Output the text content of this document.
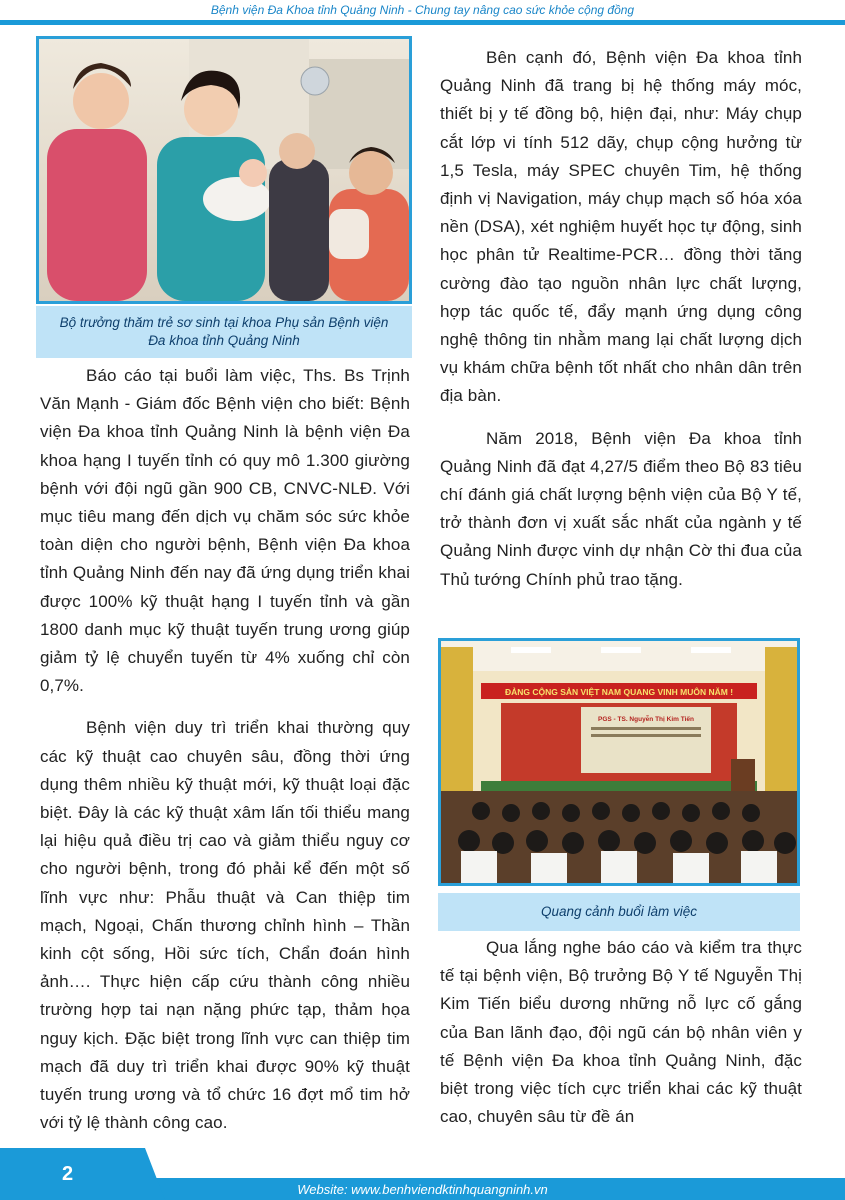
Bệnh viện Đa Khoa tỉnh Quảng Ninh - Chung tay nâng cao sức khỏe cộng đồng
Bộ trưởng thăm trẻ sơ sinh tại khoa Phụ sản Bệnh viện Đa khoa tỉnh Quảng Ninh

Báo cáo tại buổi làm việc, Ths. Bs Trịnh Văn Mạnh - Giám đốc Bệnh viện cho biết: Bệnh viện Đa khoa tỉnh Quảng Ninh là bệnh viện Đa khoa hạng I tuyến tỉnh có quy mô 1.300 giường bệnh với đội ngũ gần 900 CB, CNVC-NLĐ. Với mục tiêu mang đến dịch vụ chăm sóc sức khỏe toàn diện cho người bệnh, Bệnh viện Đa khoa tỉnh Quảng Ninh đến nay đã ứng dụng triển khai được 100% kỹ thuật hạng I tuyến tỉnh và gần 1800 danh mục kỹ thuật tuyến trung ương giúp giảm tỷ lệ chuyển tuyến từ 4% xuống chỉ còn 0,7%.

Bệnh viện duy trì triển khai thường quy các kỹ thuật cao chuyên sâu, đồng thời ứng dụng thêm nhiều kỹ thuật mới, kỹ thuật loại đặc biệt. Đây là các kỹ thuật xâm lấn tối thiểu mang lại hiệu quả điều trị cao và giảm thiểu nguy cơ cho người bệnh, trong đó phải kể đến một số lĩnh vực như: Phẫu thuật và Can thiệp tim mạch, Ngoại, Chấn thương chỉnh hình – Thần kinh cột sống, Hồi sức tích, Chẩn đoán hình ảnh…. Thực hiện cấp cứu thành công nhiều trường hợp tai nạn nặng phức tạp, thảm họa nguy kịch. Đặc biệt trong lĩnh vực can thiệp tim mạch đã duy trì triển khai được 90% kỹ thuật tuyến trung ương và tổ chức 16 đợt mổ tim hở với tỷ lệ thành công cao.

Bên cạnh đó, Bệnh viện Đa khoa tỉnh Quảng Ninh đã trang bị hệ thống máy móc, thiết bị y tế đồng bộ, hiện đại, như: Máy chụp cắt lớp vi tính 512 dãy, chụp cộng hưởng từ 1,5 Tesla, máy SPEC chuyên Tim, hệ thống định vị Navigation, máy chụp mạch số hóa xóa nền (DSA), xét nghiệm huyết học tự động, sinh học phân tử Realtime-PCR… đồng thời tăng cường đào tạo nguồn nhân lực chất lượng, hợp tác quốc tế, đẩy mạnh ứng dụng công nghệ thông tin nhằm mang lại chất lượng dịch vụ khám chữa bệnh tốt nhất cho nhân dân trên địa bàn.

Năm 2018, Bệnh viện Đa khoa tỉnh Quảng Ninh đã đạt 4,27/5 điểm theo Bộ 83 tiêu chí đánh giá chất lượng bệnh viện của Bộ Y tế, trở thành đơn vị xuất sắc nhất của ngành y tế Quảng Ninh được vinh dự nhận Cờ thi đua của Thủ tướng Chính phủ trao tặng.

ĐẢNG CỘNG SẢN VIỆT NAM QUANG VINH MUÔN NĂM !
PGS - TS. Nguyễn Thị Kim Tiến
Quang cảnh buổi làm việc

Qua lắng nghe báo cáo và kiểm tra thực tế tại bệnh viện, Bộ trưởng Bộ Y tế Nguyễn Thị Kim Tiến biểu dương những nỗ lực cố gắng của Ban lãnh đạo, đội ngũ cán bộ nhân viên y tế Bệnh viện Đa khoa tỉnh Quảng Ninh, đặc biệt trong việc tích cực triển khai các kỹ thuật cao, chuyên sâu từ đề án

2
Website: www.benhviendktinhquangninh.vn
